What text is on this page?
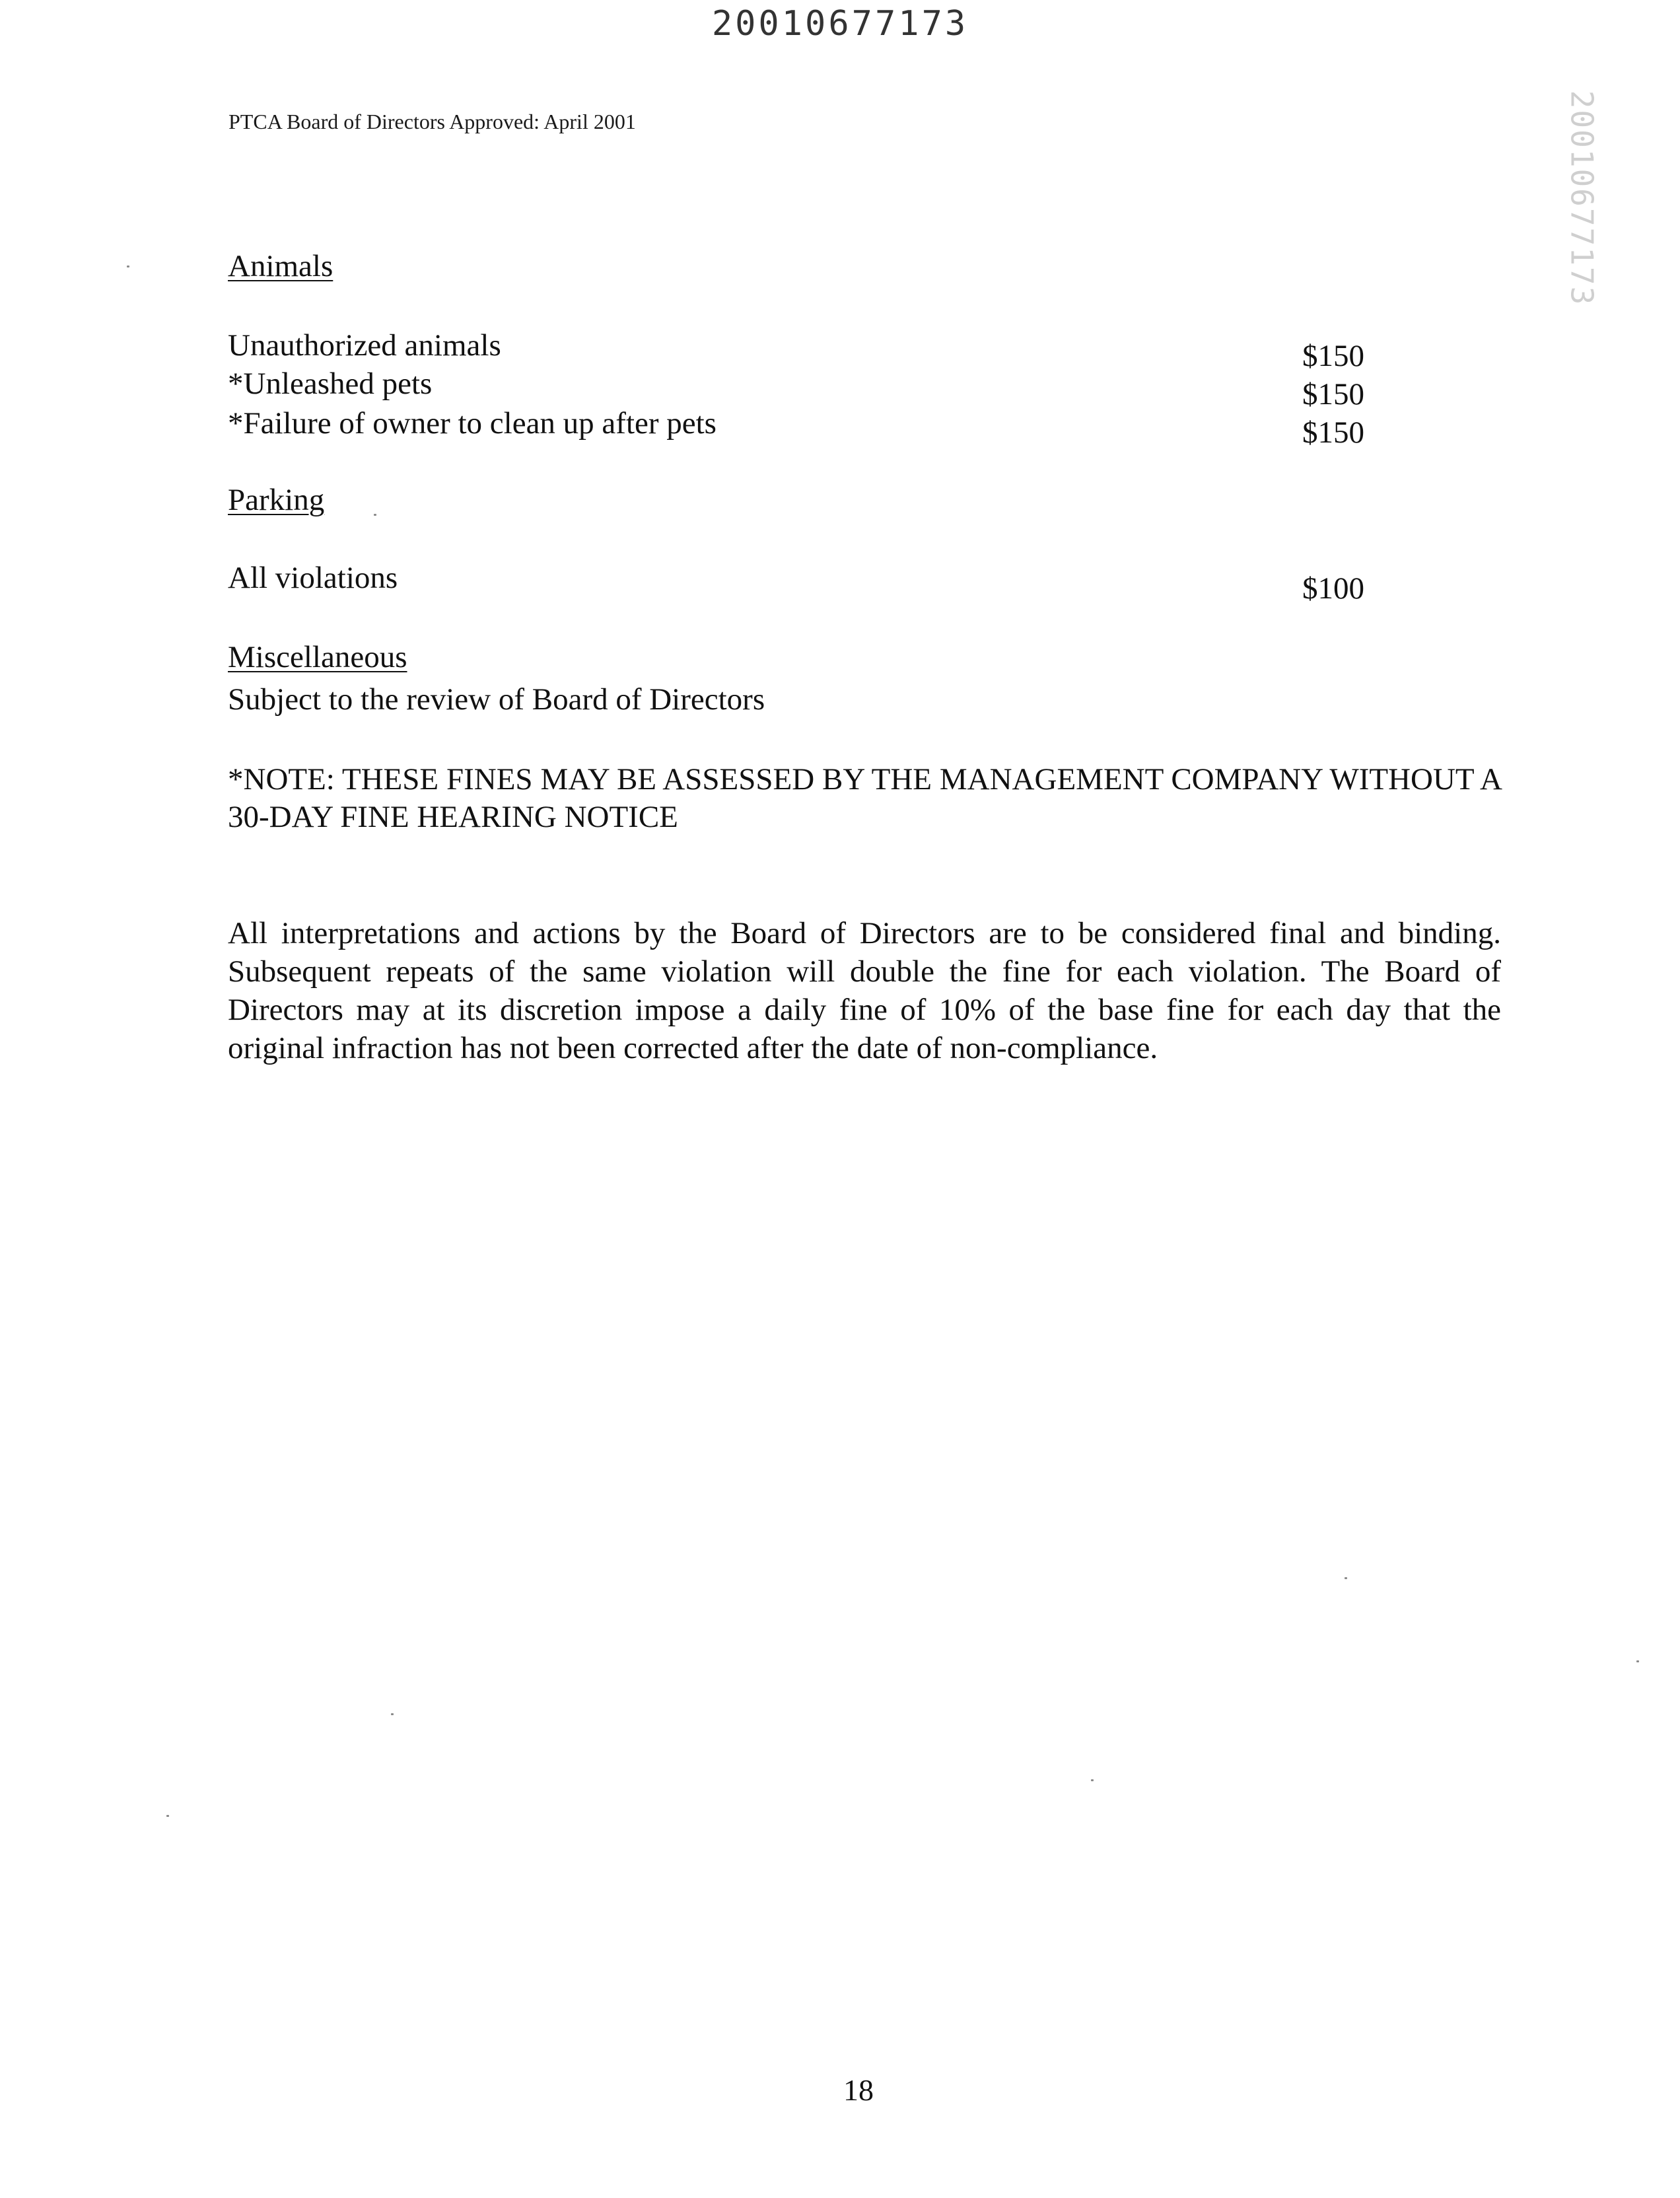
20010677173
PTCA Board of Directors Approved: April 2001	20010677173
Animals
Unauthorized animals	$150
*Unleashed pets	$150
*Failure of owner to clean up after pets	$150
Parking
All violations	$100
Miscellaneous
Subject to the review of Board of Directors
*NOTE: THESE FINES MAY BE ASSESSED BY THE MANAGEMENT COMPANY WITHOUT A 30-DAY FINE HEARING NOTICE
All interpretations and actions by the Board of Directors are to be considered final and binding. Subsequent repeats of the same violation will double the fine for each violation. The Board of Directors may at its discretion impose a daily fine of 10% of the base fine for each day that the original infraction has not been corrected after the date of non-compliance.
18
